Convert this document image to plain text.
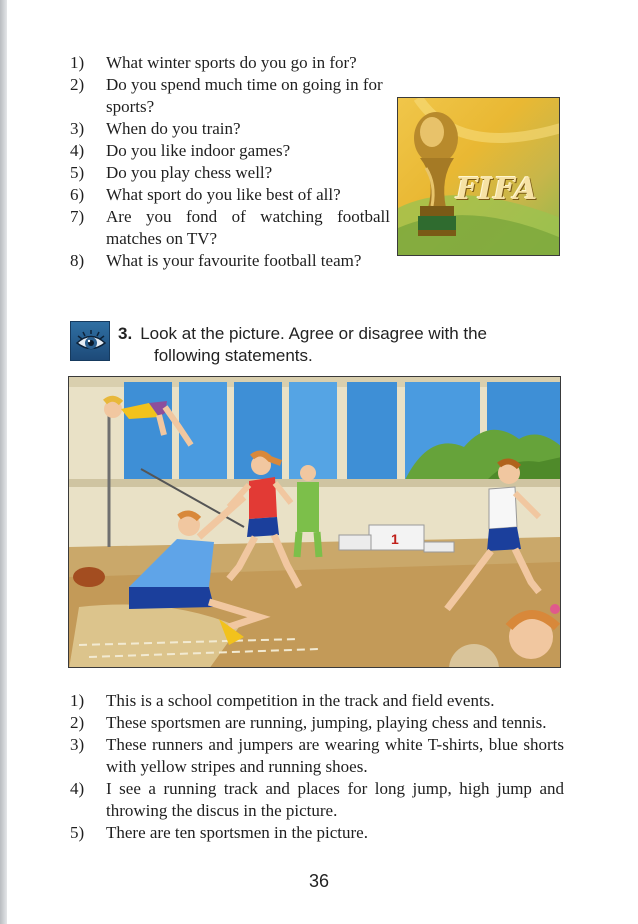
1)	What winter sports do you go in for?
2)	Do you spend much time on going in for sports?
3)	When do you train?
4)	Do you like indoor games?
5)	Do you play chess well?
6)	What sport do you like best of all?
7)	Are you fond of watching football matches on TV?
8)	What is your favourite football team?
FIFA
3. Look at the picture. Agree or disagree with the
following statements.
1
1)	This is a school competition in the track and field events.
2)	These sportsmen are running, jumping, playing chess and tennis.
3)	These runners and jumpers are wearing white T-shirts, blue shorts with yellow stripes and running shoes.
4)	I see a running track and places for long jump, high jump and throwing the discus in the picture.
5)	There are ten sportsmen in the picture.
36
